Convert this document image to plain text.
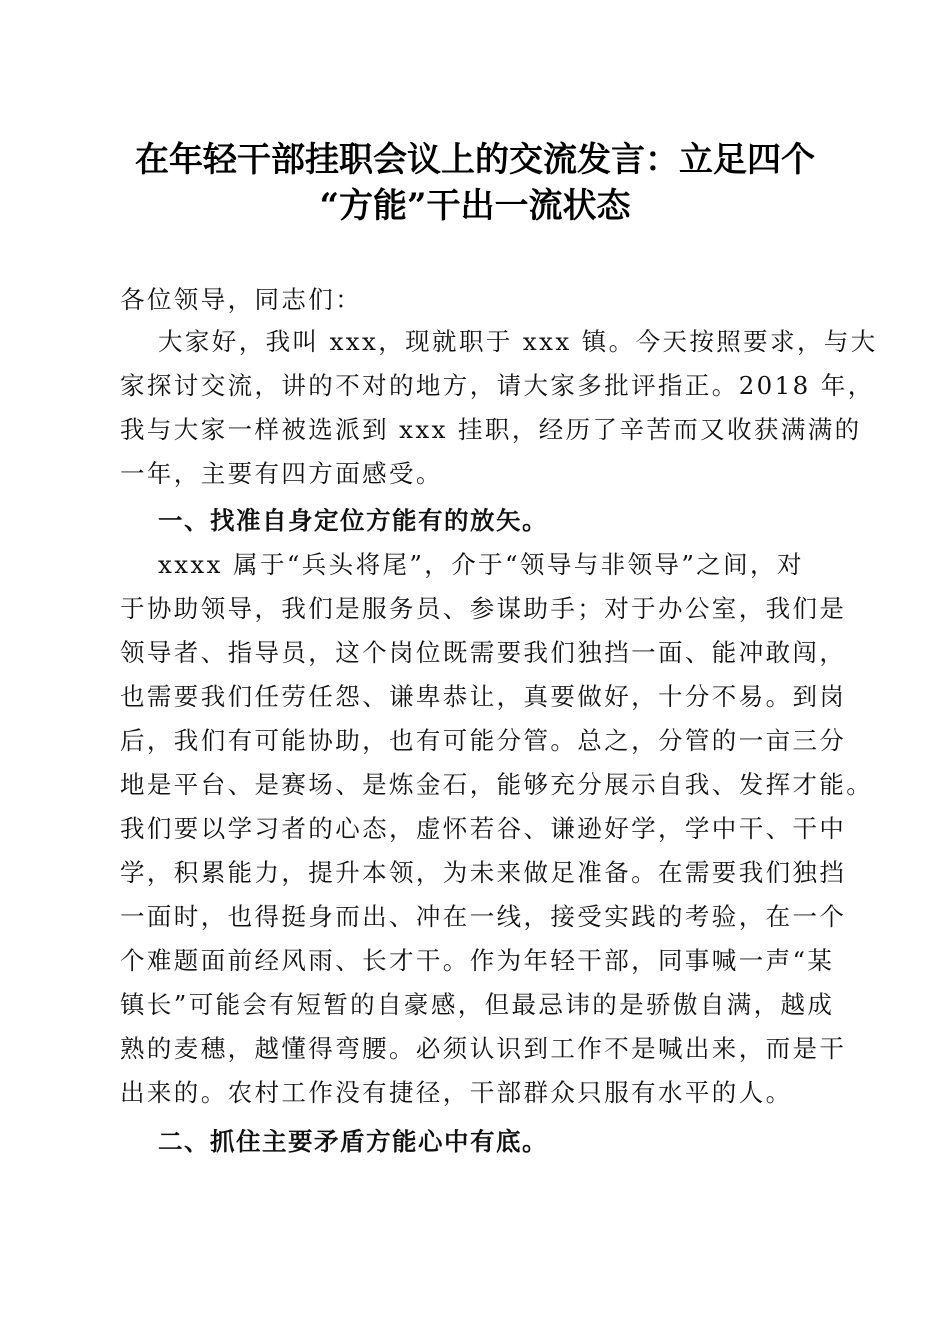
在年轻干部挂职会议上的交流发言：立足四个
“方能”干出一流状态
各位领导，同志们：
大家好，我叫 xxx，现就职于 xxx 镇。今天按照要求，与大
家探讨交流，讲的不对的地方，请大家多批评指正。2018 年，
我与大家一样被选派到 xxx 挂职，经历了辛苦而又收获满满的
一年，主要有四方面感受。
一、找准自身定位方能有的放矢。
xxxx 属于“兵头将尾”，介于“领导与非领导”之间，对
于协助领导，我们是服务员、参谋助手；对于办公室，我们是
领导者、指导员，这个岗位既需要我们独挡一面、能冲敢闯，
也需要我们任劳任怨、谦卑恭让，真要做好，十分不易。到岗
后，我们有可能协助，也有可能分管。总之，分管的一亩三分
地是平台、是赛场、是炼金石，能够充分展示自我、发挥才能。
我们要以学习者的心态，虚怀若谷、谦逊好学，学中干、干中
学，积累能力，提升本领，为未来做足准备。在需要我们独挡
一面时，也得挺身而出、冲在一线，接受实践的考验，在一个
个难题面前经风雨、长才干。作为年轻干部，同事喊一声“某
镇长”可能会有短暂的自豪感，但最忌讳的是骄傲自满，越成
熟的麦穗，越懂得弯腰。必须认识到工作不是喊出来，而是干
出来的。农村工作没有捷径，干部群众只服有水平的人。
二、抓住主要矛盾方能心中有底。
